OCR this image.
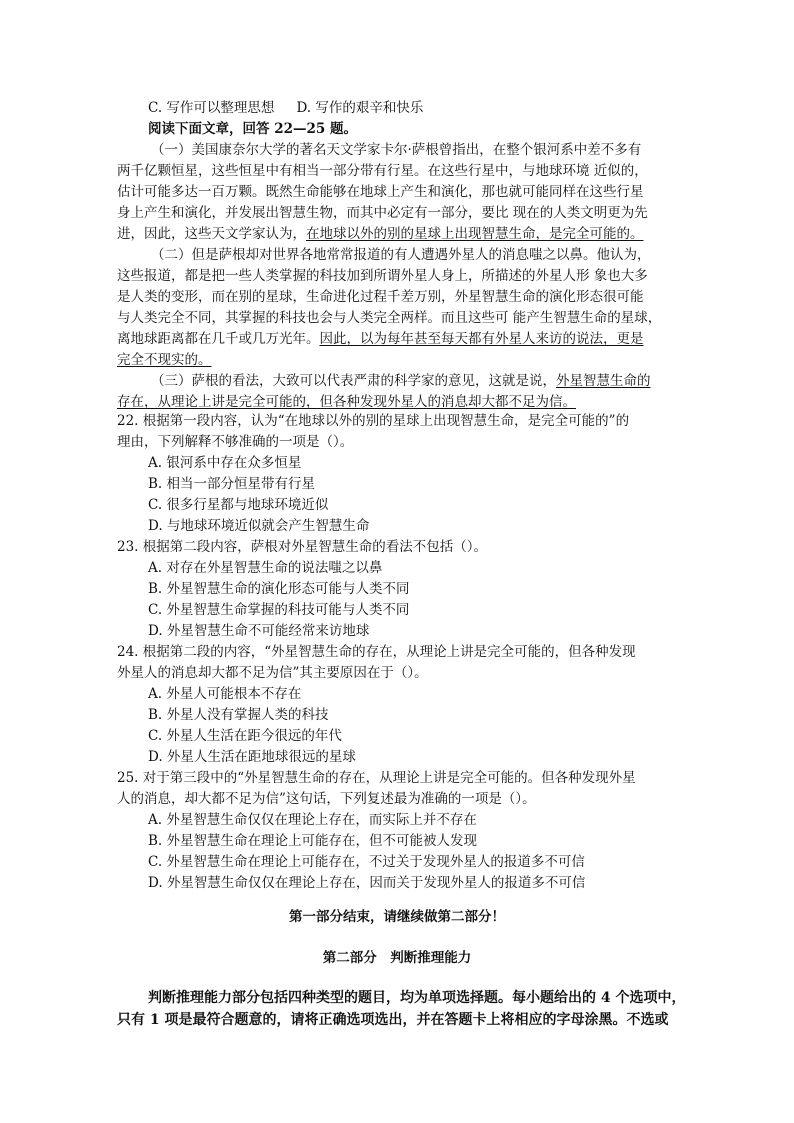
C. 写作可以整理思想 D. 写作的艰辛和快乐
阅读下面文章，回答 22—25 题。
（一）美国康奈尔大学的著名天文学家卡尔·萨根曾指出，在整个银河系中差不多有
两千亿颗恒星，这些恒星中有相当一部分带有行星。在这些行星中，与地球环境 近似的，
估计可能多达一百万颗。既然生命能够在地球上产生和演化，那也就可能同样在这些行星
身上产生和演化，并发展出智慧生物，而其中必定有一部分，要比 现在的人类文明更为先
进，因此，这些天文学家认为，在地球以外的别的星球上出现智慧生命，是完全可能的。
（二）但是萨根却对世界各地常常报道的有人遭遇外星人的消息嗤之以鼻。他认为，
这些报道，都是把一些人类掌握的科技加到所谓外星人身上，所描述的外星人形 象也大多
是人类的变形，而在别的星球，生命进化过程千差万别，外星智慧生命的演化形态很可能
与人类完全不同，其掌握的科技也会与人类完全两样。而且这些可 能产生智慧生命的星球，
离地球距离都在几千或几万光年。因此，以为每年甚至每天都有外星人来访的说法，更是
完全不现实的。
（三）萨根的看法，大致可以代表严肃的科学家的意见，这就是说，外星智慧生命的
存在，从理论上讲是完全可能的，但各种发现外星人的消息却大都不足为信。
22. 根据第一段内容，认为“在地球以外的别的星球上出现智慧生命，是完全可能的”的
理由，下列解释不够准确的一项是（）。
A. 银河系中存在众多恒星
B. 相当一部分恒星带有行星
C. 很多行星都与地球环境近似
D. 与地球环境近似就会产生智慧生命
23. 根据第二段内容，萨根对外星智慧生命的看法不包括（）。
A. 对存在外星智慧生命的说法嗤之以鼻
B. 外星智慧生命的演化形态可能与人类不同
C. 外星智慧生命掌握的科技可能与人类不同
D. 外星智慧生命不可能经常来访地球
24. 根据第二段的内容，“外星智慧生命的存在，从理论上讲是完全可能的，但各种发现
外星人的消息却大都不足为信”其主要原因在于（）。
A. 外星人可能根本不存在
B. 外星人没有掌握人类的科技
C. 外星人生活在距今很远的年代
D. 外星人生活在距地球很远的星球
25. 对于第三段中的“外星智慧生命的存在，从理论上讲是完全可能的。但各种发现外星
人的消息，却大都不足为信”这句话，下列复述最为准确的一项是（）。
A. 外星智慧生命仅仅在理论上存在，而实际上并不存在
B. 外星智慧生命在理论上可能存在，但不可能被人发现
C. 外星智慧生命在理论上可能存在，不过关于发现外星人的报道多不可信
D. 外星智慧生命仅仅在理论上存在，因而关于发现外星人的报道多不可信
第一部分结束，请继续做第二部分！
第二部分　判断推理能力
判断推理能力部分包括四种类型的题目，均为单项选择题。每小题给出的 4 个选项中，
只有 1 项是最符合题意的，请将正确选项选出，并在答题卡上将相应的字母涂黑。不选或
